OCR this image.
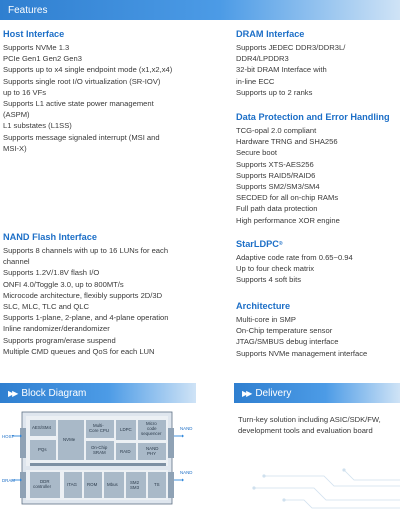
Features
Host Interface
Supports NVMe 1.3
PCIe Gen1 Gen2 Gen3
Supports up to x4 single endpoint mode (x1,x2,x4)
Supports single root I/O virtualization (SR-IOV)
up to 16 VFs
Supports L1 active state power management
(ASPM)
L1 substates (L1SS)
Supports message signaled interrupt (MSI and
MSI-X)
DRAM Interface
Supports JEDEC DDR3/DDR3L/
DDR4/LPDDR3
32-bit DRAM Interface with
in-line ECC
Supports up to 2 ranks
Data Protection and Error Handling
TCG-opal 2.0 compliant
Hardware TRNG and SHA256
Secure boot
Supports XTS-AES256
Supports RAID5/RAID6
Supports SM2/SM3/SM4
SECDED for all on-chip RAMs
Full path data protection
High performance XOR engine
NAND Flash Interface
Supports 8 channels with up to 16 LUNs for each
channel
Supports 1.2V/1.8V flash I/O
ONFI 4.0/Toggle 3.0, up to 800MT/s
Microcode architecture, flexibly supports 2D/3D
SLC, MLC, TLC and QLC
Supports 1-plane, 2-plane, and 4-plane operation
Inline randomizer/derandomizer
Supports program/erase suspend
Multiple CMD queues and QoS for each LUN
StarLDPC®
Adaptive code rate from 0.65~0.94
Up to four check matrix
Supports 4 soft bits
Architecture
Multi-core in SMP
On-Chip temperature sensor
JTAG/SMBUS debug interface
Supports NVMe management interface
▶▶ Block Diagram	▶▶ Delivery
HOST
DRAM
NAND
NAND
AES/SM4
PQs
NVMe
Multi-
Core CPU
On-Chip
SRAM
LDPC
RAID
Micro
code
sequencer
NAND
PHY
DDR
controller	ITAG ROM Mbus	SM2
SM3
TS
Turn-key solution including ASIC/SDK/FW,
development tools and evaluation board
